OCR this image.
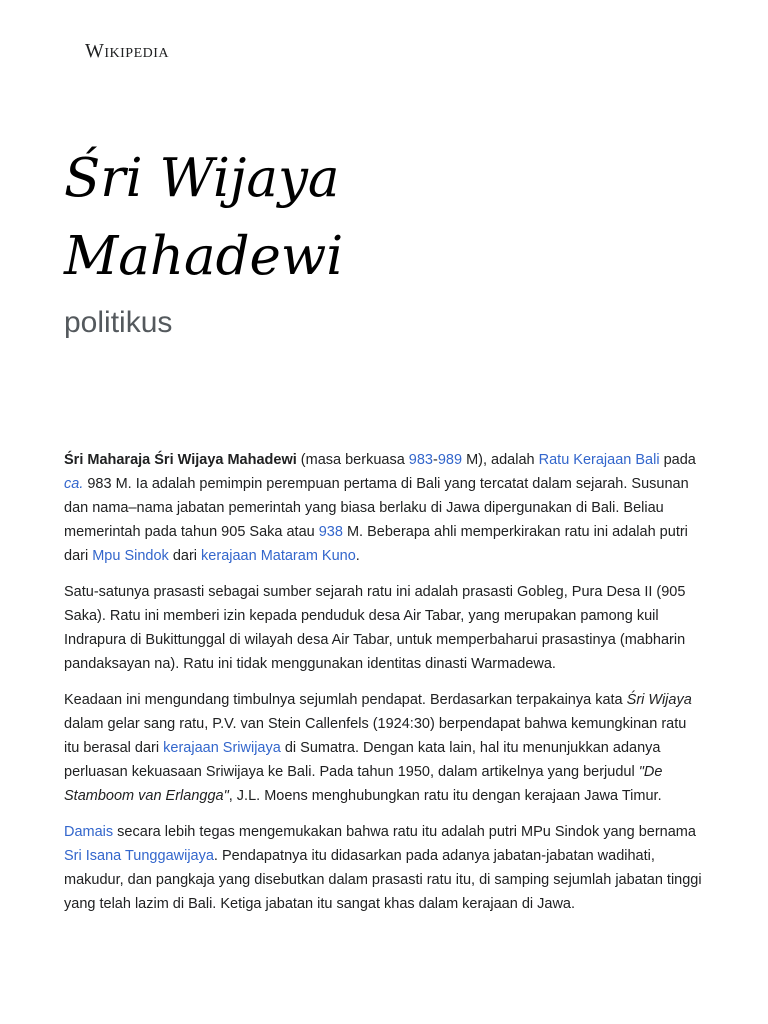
Wikipedia
Śri Wijaya
Mahadewi
politikus

Śri Maharaja Śri Wijaya Mahadewi (masa berkuasa 983-989 M), adalah Ratu Kerajaan Bali pada ca. 983 M. Ia adalah pemimpin perempuan pertama di Bali yang tercatat dalam sejarah. Susunan dan nama–nama jabatan pemerintah yang biasa berlaku di Jawa dipergunakan di Bali. Beliau memerintah pada tahun 905 Saka atau 938 M. Beberapa ahli memperkirakan ratu ini adalah putri dari Mpu Sindok dari kerajaan Mataram Kuno.

Satu-satunya prasasti sebagai sumber sejarah ratu ini adalah prasasti Gobleg, Pura Desa II (905 Saka). Ratu ini memberi izin kepada penduduk desa Air Tabar, yang merupakan pamong kuil Indrapura di Bukittunggal di wilayah desa Air Tabar, untuk memperbaharui prasastinya (mabharin pandaksayan na). Ratu ini tidak menggunakan identitas dinasti Warmadewa.

Keadaan ini mengundang timbulnya sejumlah pendapat. Berdasarkan terpakainya kata Śri Wijaya dalam gelar sang ratu, P.V. van Stein Callenfels (1924:30) berpendapat bahwa kemungkinan ratu itu berasal dari kerajaan Sriwijaya di Sumatra. Dengan kata lain, hal itu menunjukkan adanya perluasan kekuasaan Sriwijaya ke Bali. Pada tahun 1950, dalam artikelnya yang berjudul "De Stamboom van Erlangga", J.L. Moens menghubungkan ratu itu dengan kerajaan Jawa Timur.

Damais secara lebih tegas mengemukakan bahwa ratu itu adalah putri MPu Sindok yang bernama Sri Isana Tunggawijaya. Pendapatnya itu didasarkan pada adanya jabatan-jabatan wadihati, makudur, dan pangkaja yang disebutkan dalam prasasti ratu itu, di samping sejumlah jabatan tinggi yang telah lazim di Bali. Ketiga jabatan itu sangat khas dalam kerajaan di Jawa.
